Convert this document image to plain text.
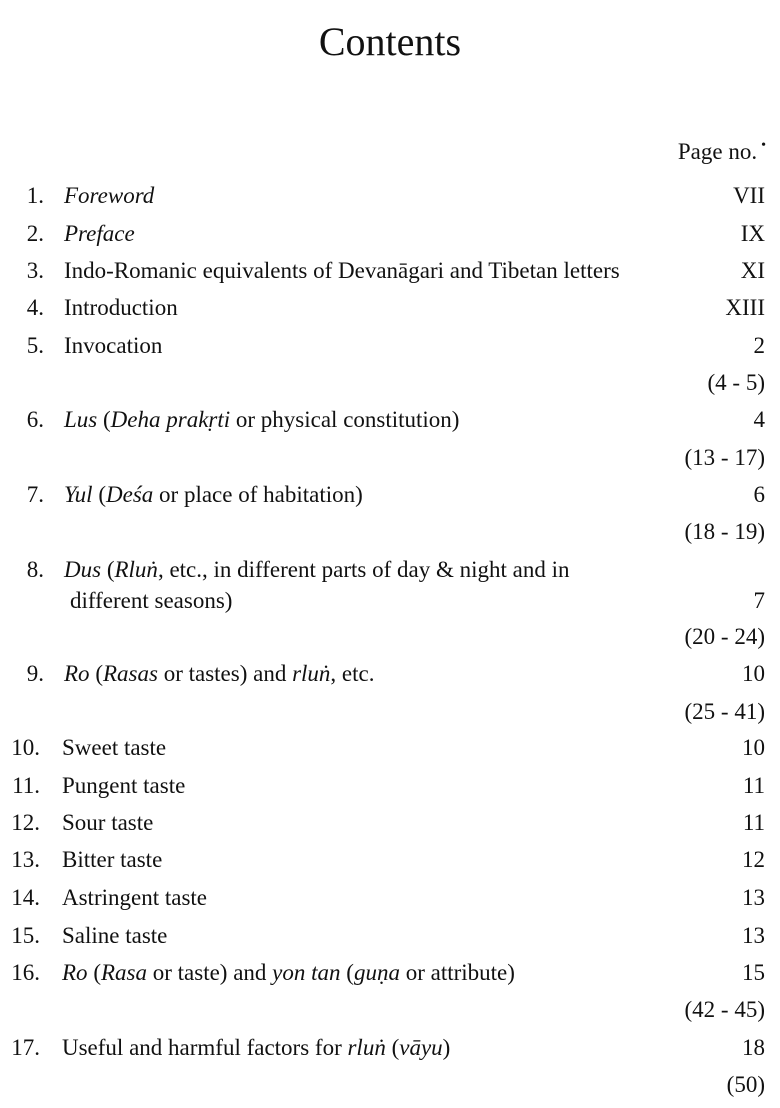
Contents
Page no. •
1. Foreword	VII
2. Preface	IX
3. Indo-Romanic equivalents of Devanāgari and Tibetan letters	XI
4. Introduction	XIII
5. Invocation	2
(4 - 5)
6. Lus (Deha prakṛti or physical constitution)	4
(13 - 17)
7. Yul (Deśa or place of habitation)	6
(18 - 19)
8. Dus (Rluṅ, etc., in different parts of day & night and in
different seasons)	7
(20 - 24)
9. Ro (Rasas or tastes) and rluṅ, etc.	10
(25 - 41)
10. Sweet taste	10
11. Pungent taste	11
12. Sour taste	11
13. Bitter taste	12
14. Astringent taste	13
15. Saline taste	13
16. Ro (Rasa or taste) and yon tan (guṇa or attribute)	15
(42 - 45)
17. Useful and harmful factors for rluṅ (vāyu)	18
(50)
